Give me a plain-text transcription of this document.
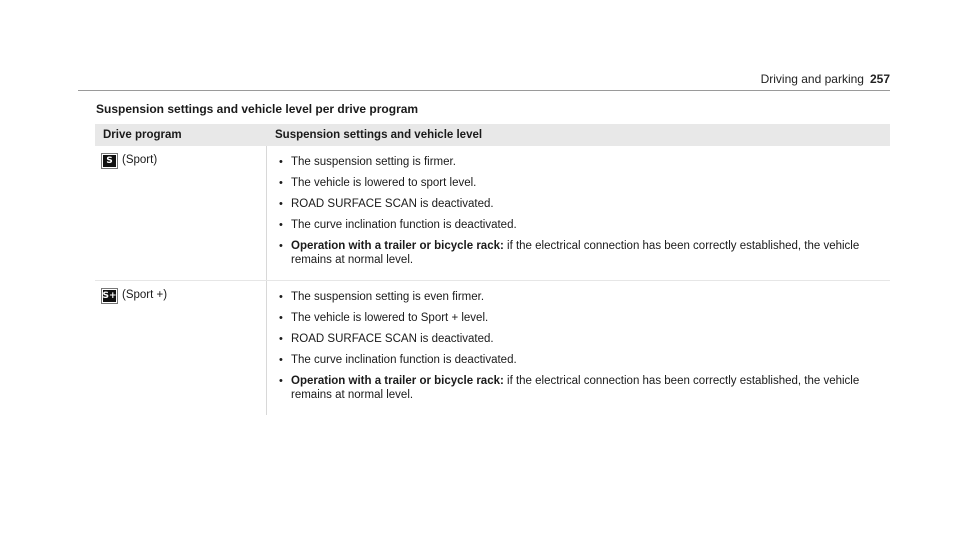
Driving and parking 257
Suspension settings and vehicle level per drive program
Drive program	Suspension settings and vehicle level
S (Sport)	• The suspension setting is firmer.
• The vehicle is lowered to sport level.
• ROAD SURFACE SCAN is deactivated.
• The curve inclination function is deactivated.
• Operation with a trailer or bicycle rack: if the electrical connection has been correctly established, the vehicle remains at normal level.
S+ (Sport +)	• The suspension setting is even firmer.
• The vehicle is lowered to Sport + level.
• ROAD SURFACE SCAN is deactivated.
• The curve inclination function is deactivated.
• Operation with a trailer or bicycle rack: if the electrical connection has been correctly established, the vehicle remains at normal level.
